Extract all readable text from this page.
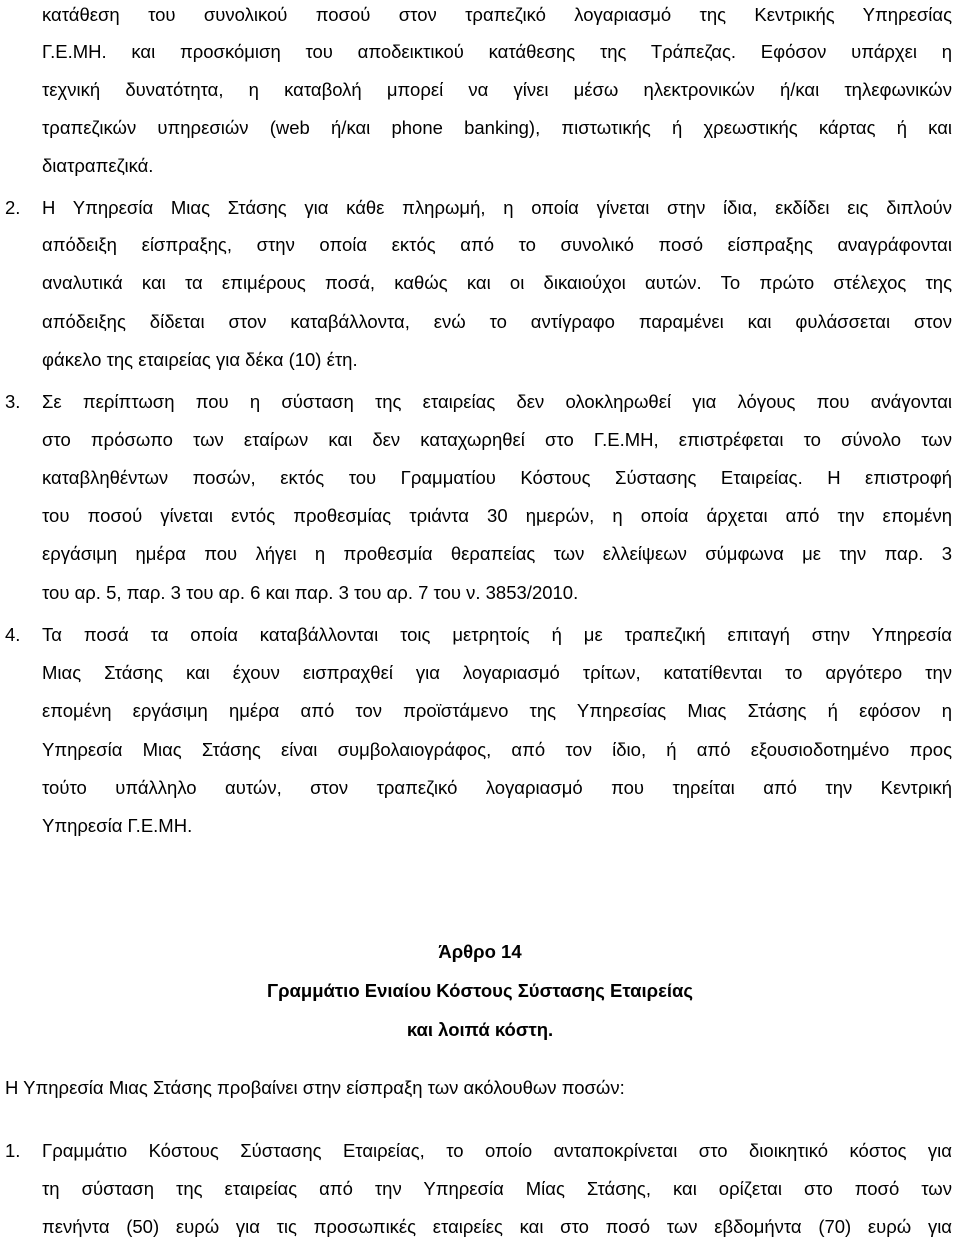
κατάθεση του συνολικού ποσού στον τραπεζικό λογαριασμό της Κεντρικής Υπηρεσίας
Γ.Ε.ΜΗ. και προσκόμιση του αποδεικτικού κατάθεσης της Τράπεζας. Εφόσον υπάρχει η
τεχνική δυνατότητα, η καταβολή μπορεί να γίνει μέσω ηλεκτρονικών ή/και τηλεφωνικών
τραπεζικών υπηρεσιών (web ή/και phone banking), πιστωτικής ή χρεωστικής κάρτας ή και
διατραπεζικά.
2. Η Υπηρεσία Μιας Στάσης για κάθε πληρωμή, η οποία γίνεται στην ίδια, εκδίδει εις διπλούν
απόδειξη είσπραξης, στην οποία εκτός από το συνολικό ποσό είσπραξης αναγράφονται
αναλυτικά και τα επιμέρους ποσά, καθώς και οι δικαιούχοι αυτών. Το πρώτο στέλεχος της
απόδειξης δίδεται στον καταβάλλοντα, ενώ το αντίγραφο παραμένει και φυλάσσεται στον
φάκελο της εταιρείας για δέκα (10) έτη.
3. Σε περίπτωση που η σύσταση της εταιρείας δεν ολοκληρωθεί για λόγους που ανάγονται
στο πρόσωπο των εταίρων και δεν καταχωρηθεί στο Γ.Ε.ΜΗ, επιστρέφεται το σύνολο των
καταβληθέντων ποσών, εκτός του Γραμματίου Κόστους Σύστασης Εταιρείας. Η επιστροφή
του ποσού γίνεται εντός προθεσμίας τριάντα 30 ημερών, η οποία άρχεται από την επομένη
εργάσιμη ημέρα που λήγει η προθεσμία θεραπείας των ελλείψεων σύμφωνα με την παρ. 3
του αρ. 5, παρ. 3 του αρ. 6 και παρ. 3 του αρ. 7 του ν. 3853/2010.
4. Τα ποσά τα οποία καταβάλλονται τοις μετρητοίς ή με τραπεζική επιταγή στην Υπηρεσία
Μιας Στάσης και έχουν εισπραχθεί για λογαριασμό τρίτων, κατατίθενται το αργότερο την
επομένη εργάσιμη ημέρα από τον προϊστάμενο της Υπηρεσίας Μιας Στάσης ή εφόσον η
Υπηρεσία Μιας Στάσης είναι συμβολαιογράφος, από τον ίδιο, ή από εξουσιοδοτημένο προς
τούτο υπάλληλο αυτών, στον τραπεζικό λογαριασμό που τηρείται από την Κεντρική
Υπηρεσία Γ.Ε.ΜΗ.
Άρθρο 14
Γραμμάτιο Ενιαίου Κόστους Σύστασης Εταιρείας
και λοιπά κόστη.
Η Υπηρεσία Μιας Στάσης προβαίνει στην είσπραξη των ακόλουθων ποσών:
1. Γραμμάτιο Κόστους Σύστασης Εταιρείας, το οποίο ανταποκρίνεται στο διοικητικό κόστος για
τη σύσταση της εταιρείας από την Υπηρεσία Μίας Στάσης, και ορίζεται στο ποσό των
πενήντα (50) ευρώ για τις προσωπικές εταιρείες και στο ποσό των εβδομήντα (70) ευρώ για
